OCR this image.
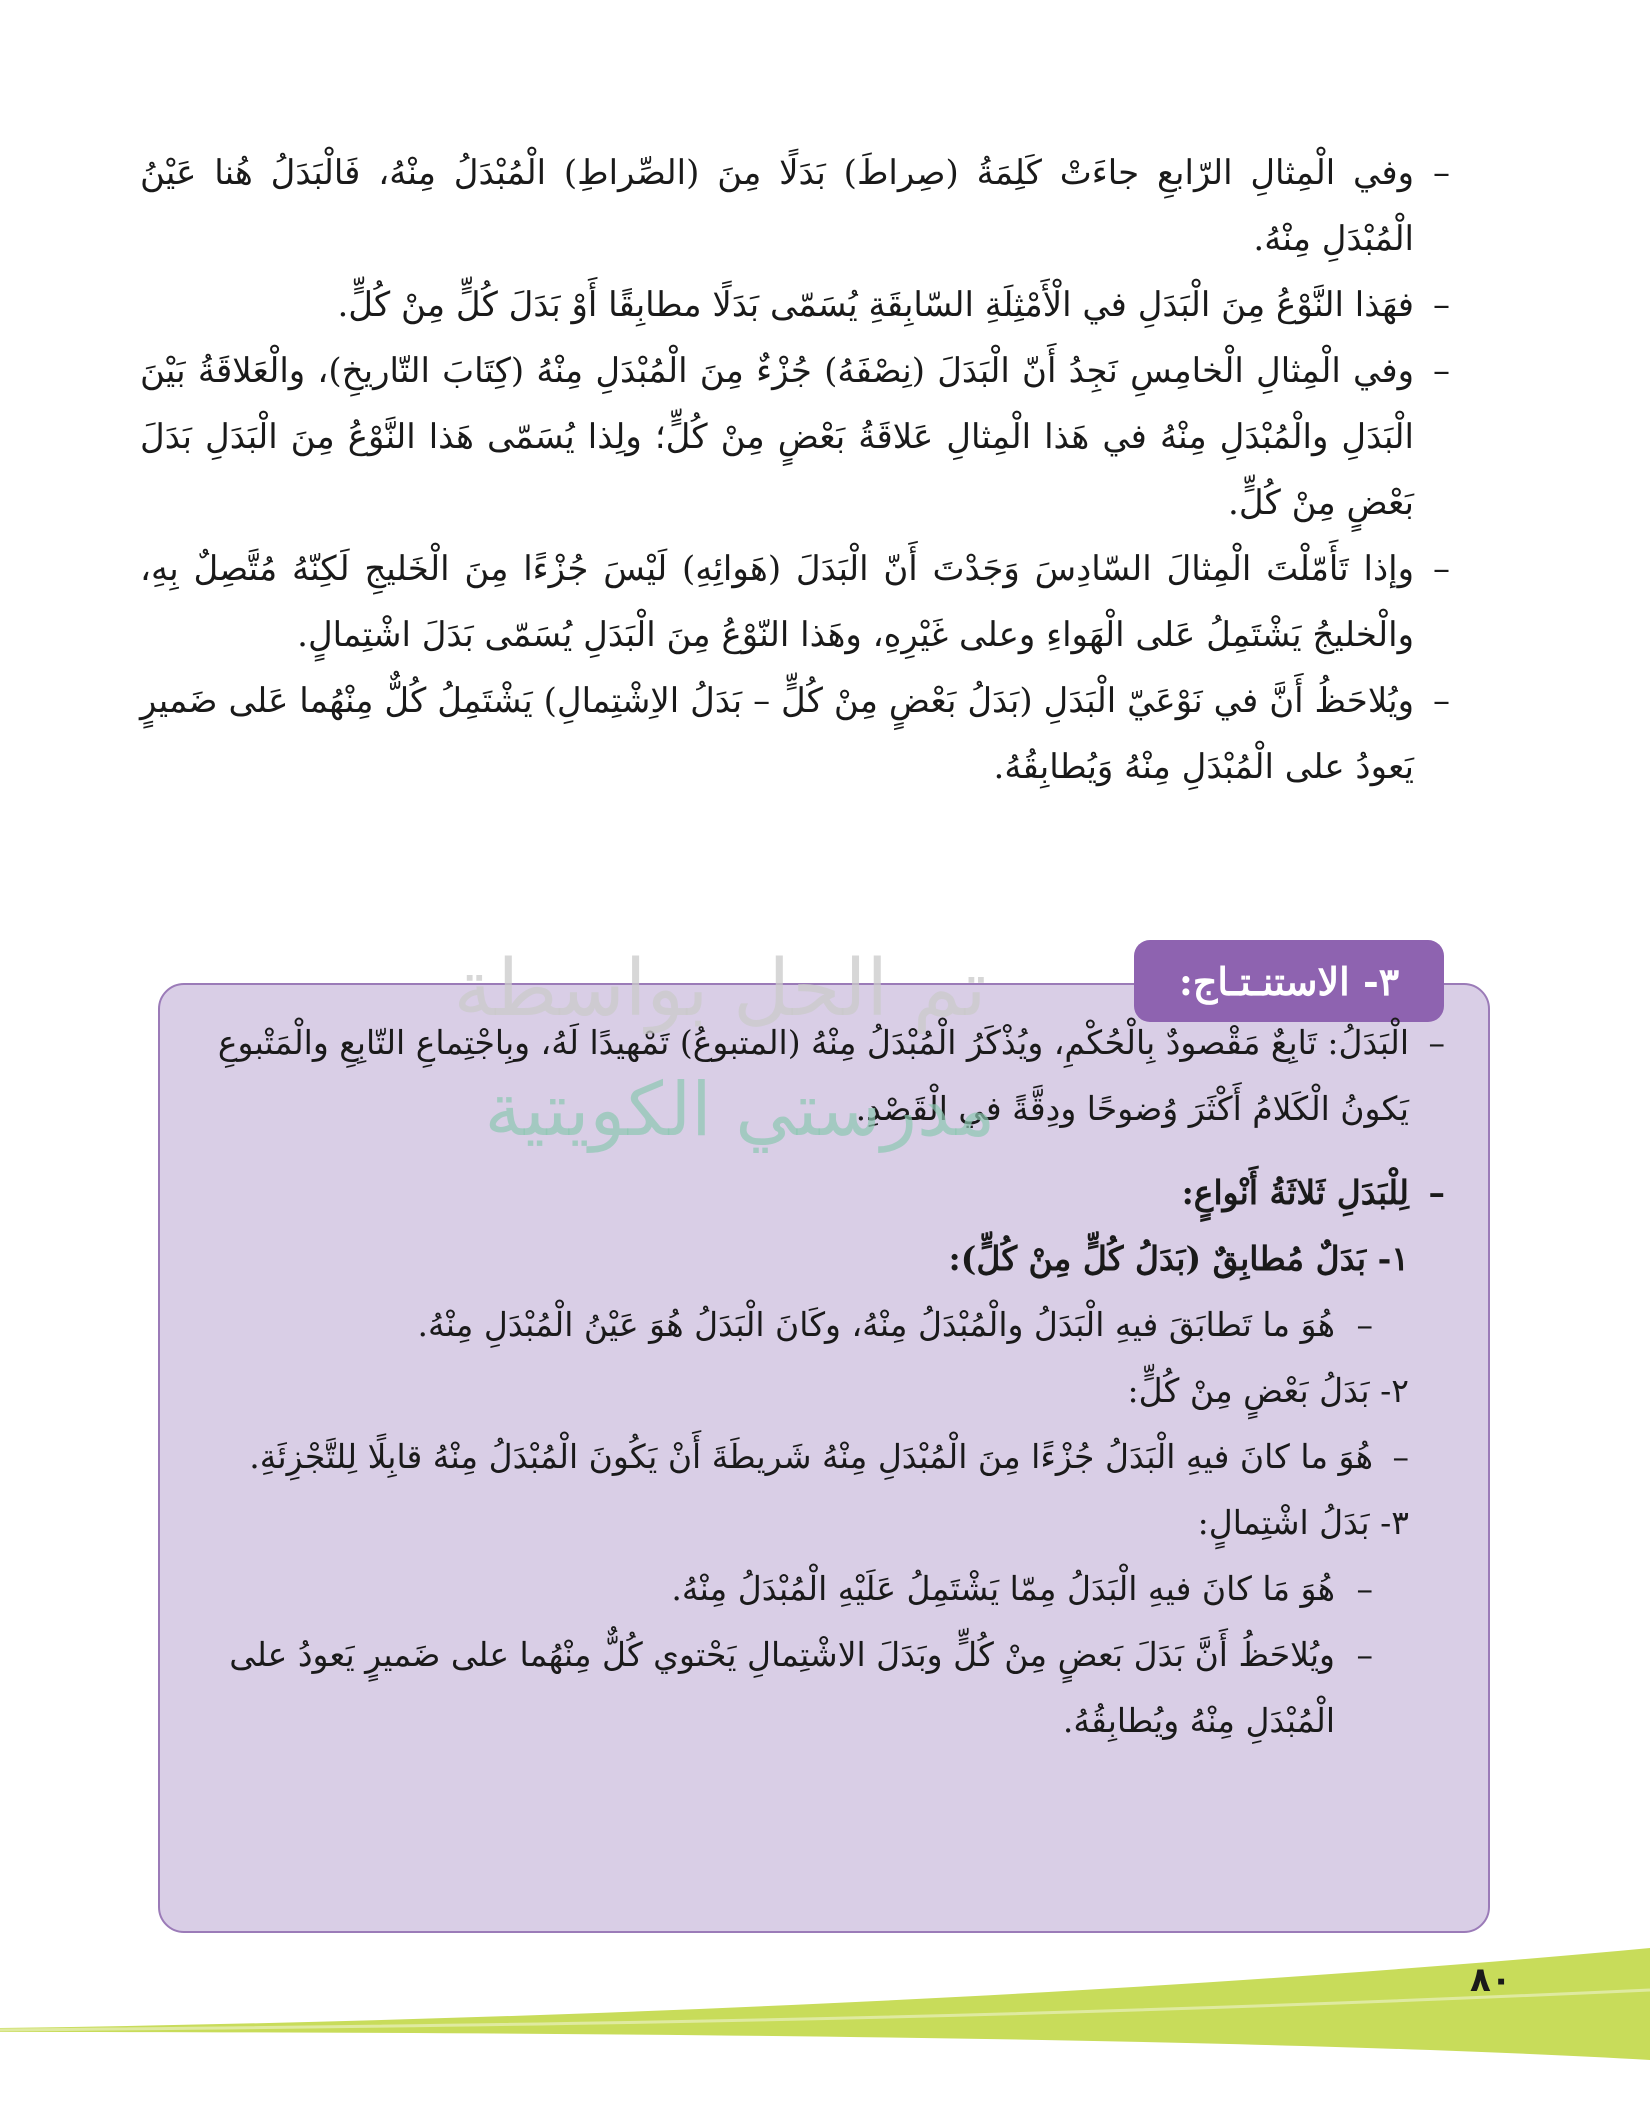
–
وفي الْمِثالِ الرّابعِ جاءَتْ كَلِمَةُ (صِراطَ) بَدَلًا مِنَ (الصِّراطِ) الْمُبْدَلُ مِنْهُ، فَالْبَدَلُ هُنا عَيْنُ الْمُبْدَلِ مِنْهُ.

–
فهَذا النَّوْعُ مِنَ الْبَدَلِ في الْأَمْثِلَةِ السّابِقَةِ يُسَمّى بَدَلًا مطابِقًا أَوْ بَدَلَ كُلٍّ مِنْ كُلٍّ.

–
وفي الْمِثالِ الْخامِسِ نَجِدُ أَنّ الْبَدَلَ (نِصْفَهُ) جُزْءٌ مِنَ الْمُبْدَلِ مِنْهُ (كِتَابَ التّاريخِ)، والْعَلاقَةُ بَيْنَ الْبَدَلِ والْمُبْدَلِ مِنْهُ في هَذا الْمِثالِ عَلاقَةُ بَعْضٍ مِنْ كُلٍّ؛ ولِذا يُسَمّى هَذا النَّوْعُ مِنَ الْبَدَلِ بَدَلَ بَعْضٍ مِنْ كُلٍّ.

–
وإذا تَأَمّلْتَ الْمِثالَ السّادِسَ وَجَدْتَ أَنّ الْبَدَلَ (هَوائِهِ) لَيْسَ جُزْءًا مِنَ الْخَليجِ لَكِنّهُ مُتَّصِلٌ بِهِ، والْخليجُ يَشْتَمِلُ عَلى الْهَواءِ وعلى غَيْرِهِ، وهَذا النّوْعُ مِنَ الْبَدَلِ يُسَمّى بَدَلَ اشْتِمالٍ.

–
ويُلاحَظُ أَنَّ في نَوْعَيّ الْبَدَلِ (بَدَلُ بَعْضٍ مِنْ كُلٍّ – بَدَلُ الاِشْتِمالِ) يَشْتَمِلُ كُلٌّ مِنْهُما عَلى ضَميرٍ يَعودُ على الْمُبْدَلِ مِنْهُ وَيُطابِقُهُ.

٣- الاستنـتـاج:

–
الْبَدَلُ: تَابِعٌ مَقْصودٌ بِالْحُكْمِ، ويُذْكَرُ الْمُبْدَلُ مِنْهُ (المتبوعُ) تَمْهيدًا لَهُ، وبِاجْتِماعِ التّابِعِ والْمَتْبوعِ يَكونُ الْكَلامُ أَكْثَرَ وُضوحًا ودِقَّةً في الْقَصْدِ.

–
لِلْبَدَلِ ثَلاثَةُ أَنْواعٍ:

١- بَدَلٌ مُطابِقٌ (بَدَلُ كُلٍّ مِنْ كُلٍّ):

–
هُوَ ما تَطابَقَ فيهِ الْبَدَلُ والْمُبْدَلُ مِنْهُ، وكَانَ الْبَدَلُ هُوَ عَيْنُ الْمُبْدَلِ مِنْهُ.

٢- بَدَلُ بَعْضٍ مِنْ كُلٍّ:

–
هُوَ ما كانَ فيهِ الْبَدَلُ جُزْءًا مِنَ الْمُبْدَلِ مِنْهُ شَريطَةَ أَنْ يَكُونَ الْمُبْدَلُ مِنْهُ قابِلًا لِلتَّجْزِئَةِ.

٣- بَدَلُ اشْتِمالٍ:

–
هُوَ مَا كانَ فيهِ الْبَدَلُ مِمّا يَشْتَمِلُ عَلَيْهِ الْمُبْدَلُ مِنْهُ.

–
ويُلاحَظُ أَنَّ بَدَلَ بَعضٍ مِنْ كُلٍّ وبَدَلَ الاشْتِمالِ يَحْتوي كُلٌّ مِنْهُما على ضَميرٍ يَعودُ على الْمُبْدَلِ مِنْهُ ويُطابِقُهُ.

تم الحل بواسطة
مدرستي الكويتية
٨٠
